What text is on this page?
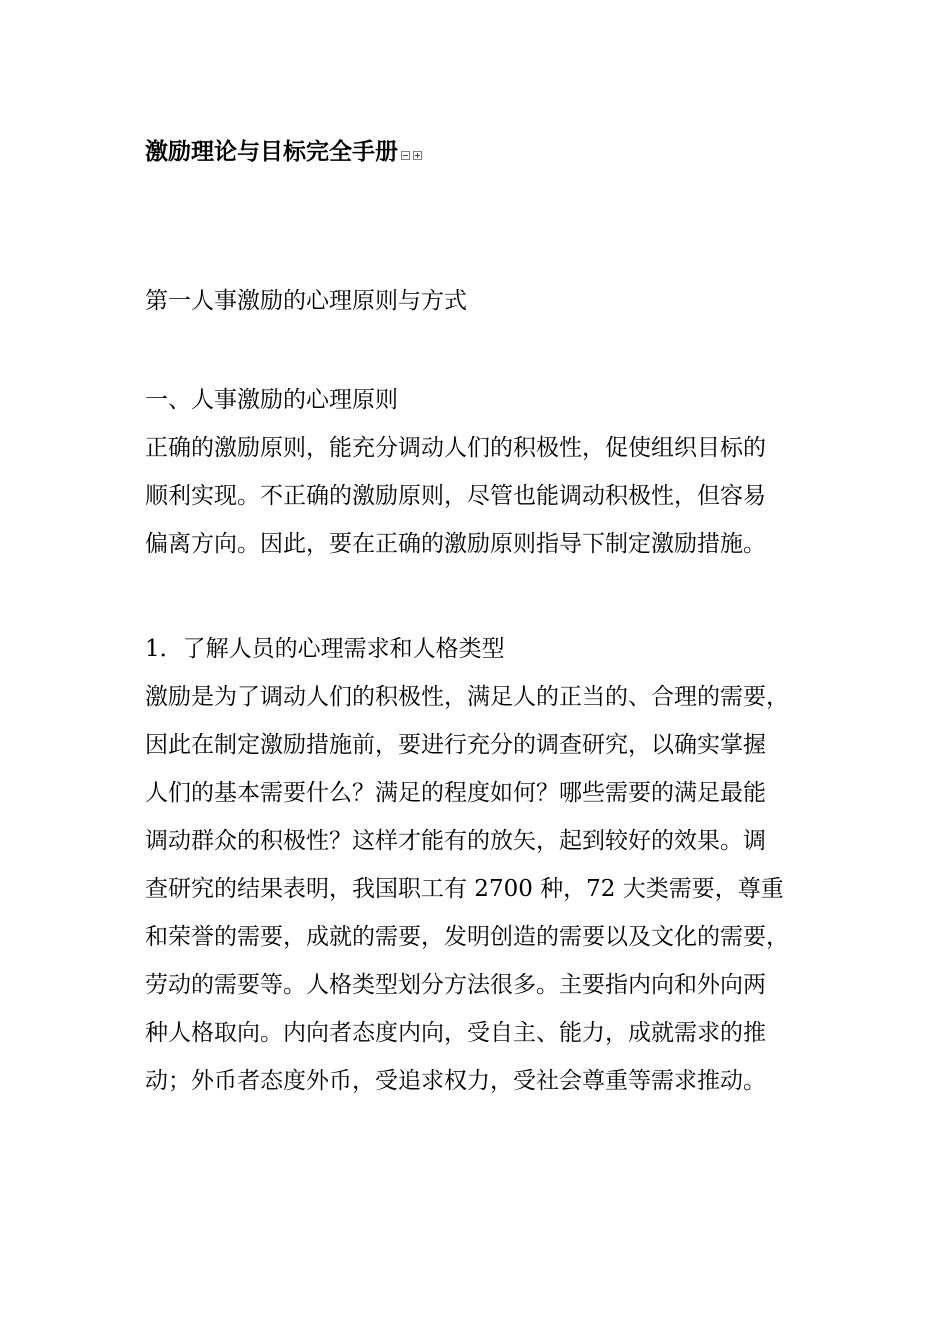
激励理论与目标完全手册
第一人事激励的心理原则与方式
一、人事激励的心理原则
正确的激励原则，能充分调动人们的积极性，促使组织目标的
顺利实现。不正确的激励原则，尽管也能调动积极性，但容易
偏离方向。因此，要在正确的激励原则指导下制定激励措施。
1．了解人员的心理需求和人格类型
激励是为了调动人们的积极性，满足人的正当的、合理的需要，
因此在制定激励措施前，要进行充分的调查研究，以确实掌握
人们的基本需要什么？满足的程度如何？哪些需要的满足最能
调动群众的积极性？这样才能有的放矢，起到较好的效果。调
查研究的结果表明，我国职工有 2700 种，72 大类需要，尊重
和荣誉的需要，成就的需要，发明创造的需要以及文化的需要，
劳动的需要等。人格类型划分方法很多。主要指内向和外向两
种人格取向。内向者态度内向，受自主、能力，成就需求的推
动；外币者态度外币，受追求权力，受社会尊重等需求推动。
